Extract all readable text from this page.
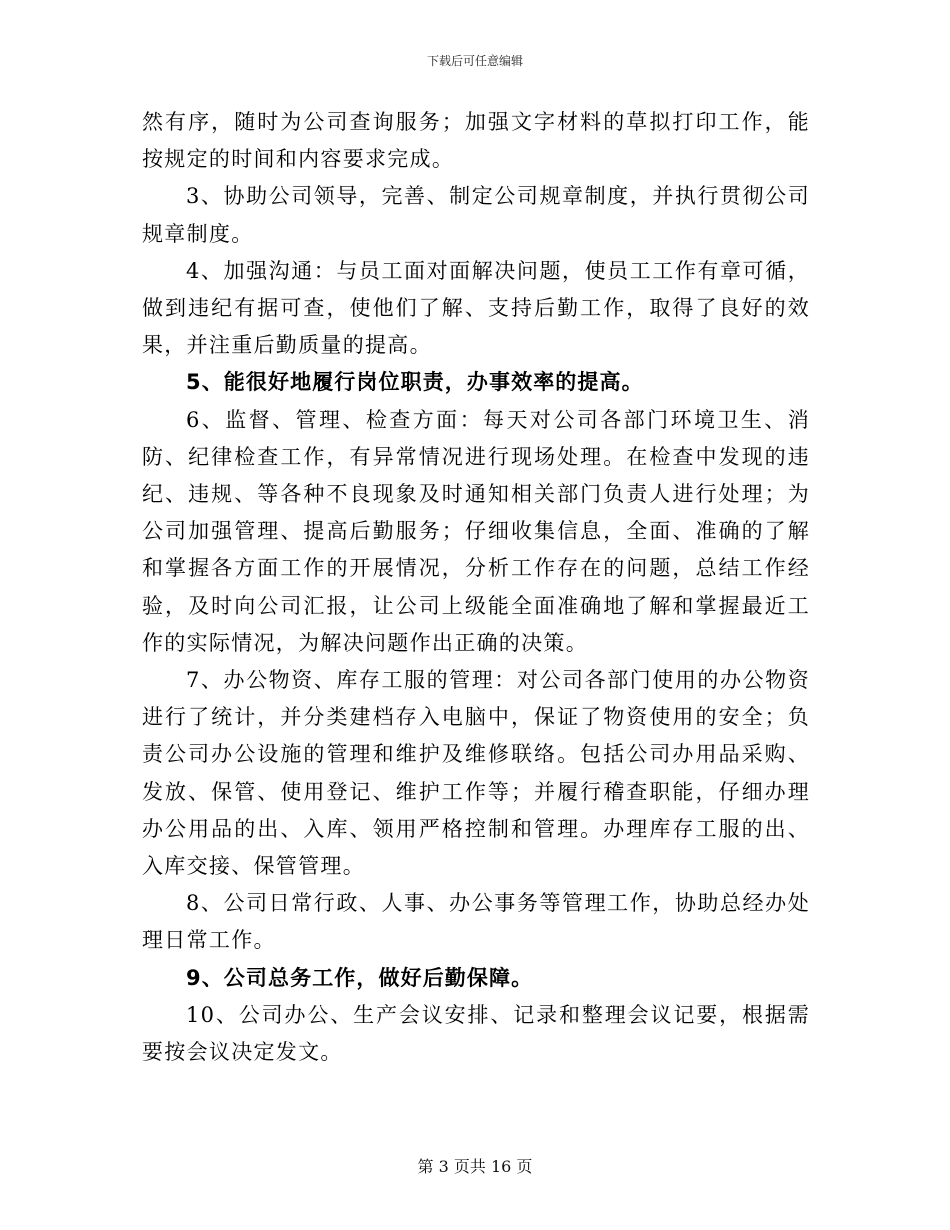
下载后可任意编辑

然有序，随时为公司查询服务；加强文字材料的草拟打印工作，能按规定的时间和内容要求完成。

3、协助公司领导，完善、制定公司规章制度，并执行贯彻公司规章制度。

4、加强沟通：与员工面对面解决问题，使员工工作有章可循，做到违纪有据可查，使他们了解、支持后勤工作，取得了良好的效果，并注重后勤质量的提高。

5、能很好地履行岗位职责，办事效率的提高。

6、监督、管理、检查方面：每天对公司各部门环境卫生、消防、纪律检查工作，有异常情况进行现场处理。在检查中发现的违纪、违规、等各种不良现象及时通知相关部门负责人进行处理；为公司加强管理、提高后勤服务；仔细收集信息，全面、准确的了解和掌握各方面工作的开展情况，分析工作存在的问题，总结工作经验，及时向公司汇报，让公司上级能全面准确地了解和掌握最近工作的实际情况，为解决问题作出正确的决策。

7、办公物资、库存工服的管理：对公司各部门使用的办公物资进行了统计，并分类建档存入电脑中，保证了物资使用的安全；负责公司办公设施的管理和维护及维修联络。包括公司办用品采购、发放、保管、使用登记、维护工作等；并履行稽查职能，仔细办理办公用品的出、入库、领用严格控制和管理。办理库存工服的出、入库交接、保管管理。

8、公司日常行政、人事、办公事务等管理工作，协助总经办处理日常工作。

9、公司总务工作，做好后勤保障。

10、公司办公、生产会议安排、记录和整理会议记要，根据需要按会议决定发文。

第 3 页共 16 页
